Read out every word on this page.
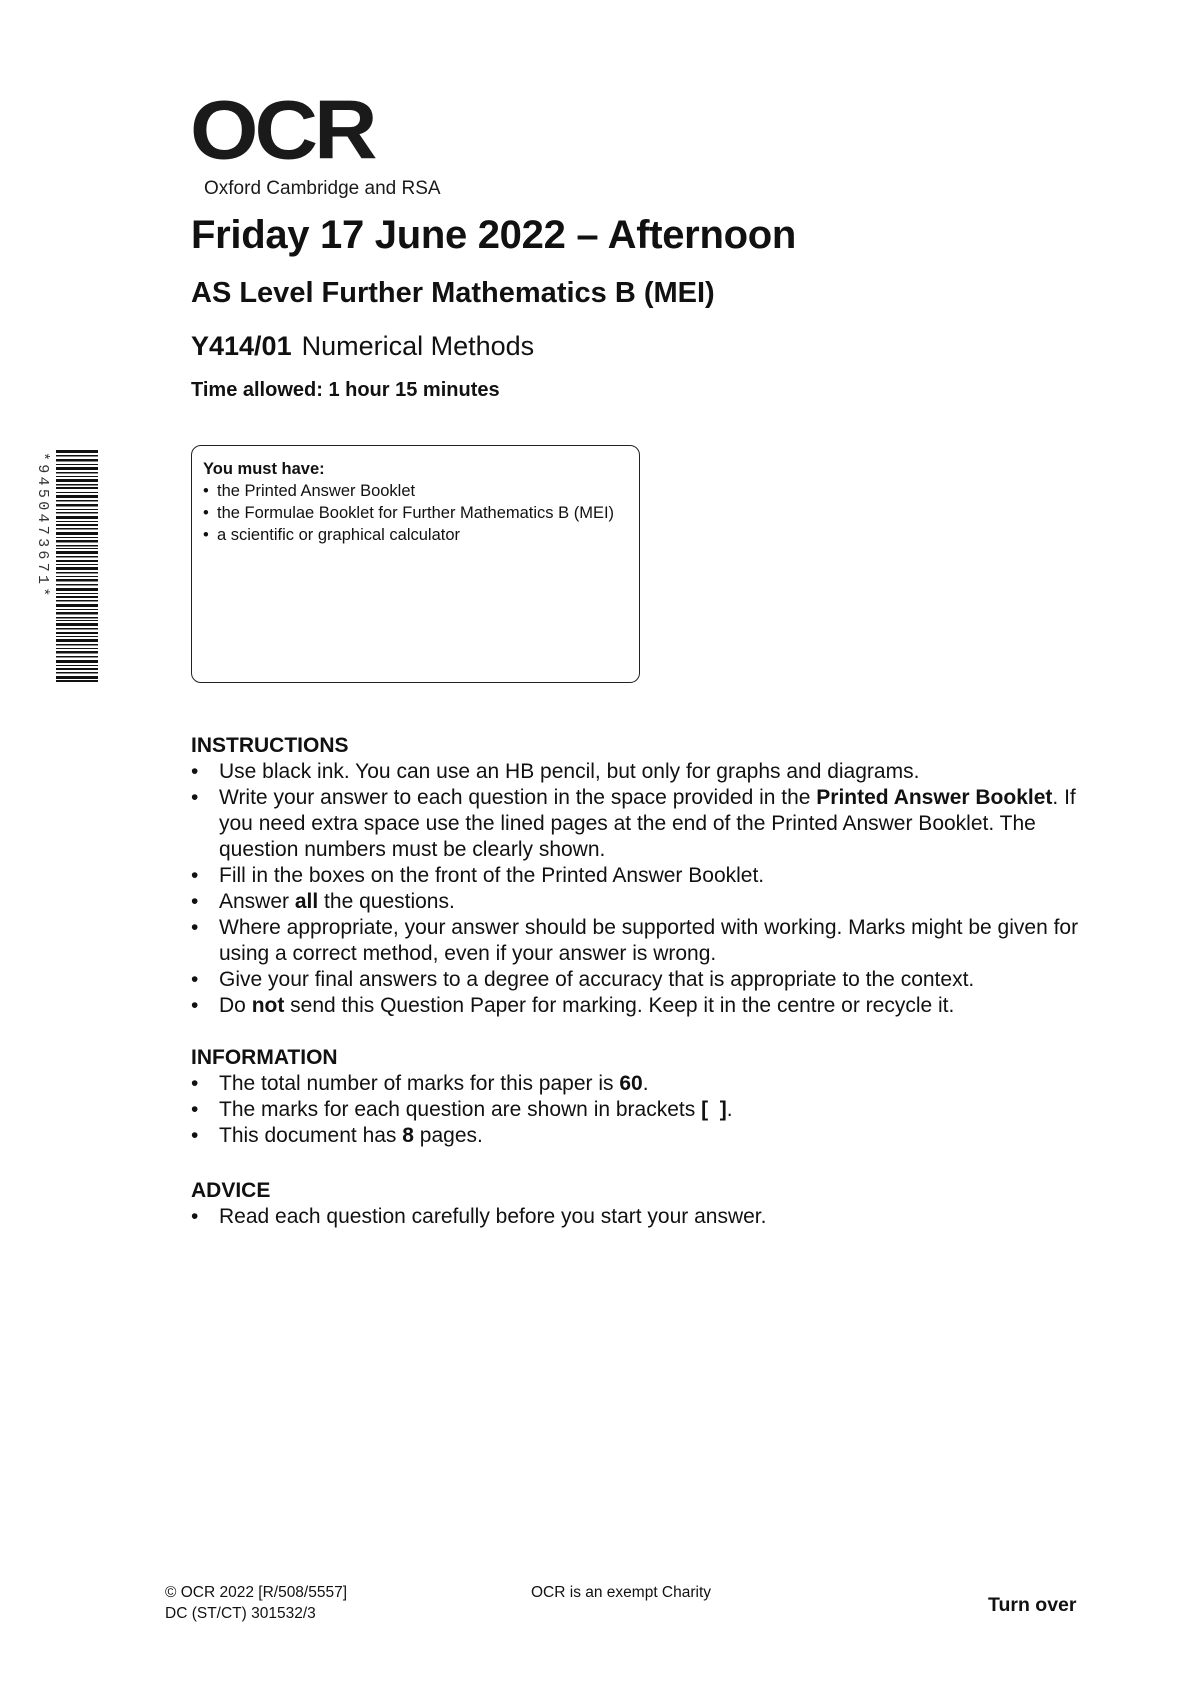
OCR
Oxford Cambridge and RSA
Friday 17 June 2022 – Afternoon
AS Level Further Mathematics B (MEI)
Y414/01 Numerical Methods
Time allowed: 1 hour 15 minutes
*9450473671*	You must have:
• the Printed Answer Booklet
• the Formulae Booklet for Further Mathematics B (MEI)
• a scientific or graphical calculator
INSTRUCTIONS
• Use black ink. You can use an HB pencil, but only for graphs and diagrams.
• Write your answer to each question in the space provided in the Printed Answer Booklet. If you need extra space use the lined pages at the end of the Printed Answer Booklet. The question numbers must be clearly shown.
• Fill in the boxes on the front of the Printed Answer Booklet.
• Answer all the questions.
• Where appropriate, your answer should be supported with working. Marks might be given for using a correct method, even if your answer is wrong.
• Give your final answers to a degree of accuracy that is appropriate to the context.
• Do not send this Question Paper for marking. Keep it in the centre or recycle it.
INFORMATION
• The total number of marks for this paper is 60.
• The marks for each question are shown in brackets [  ].
• This document has 8 pages.
ADVICE
• Read each question carefully before you start your answer.
© OCR 2022 [R/508/5557]
DC (ST/CT) 301532/3
OCR is an exempt Charity
Turn over
